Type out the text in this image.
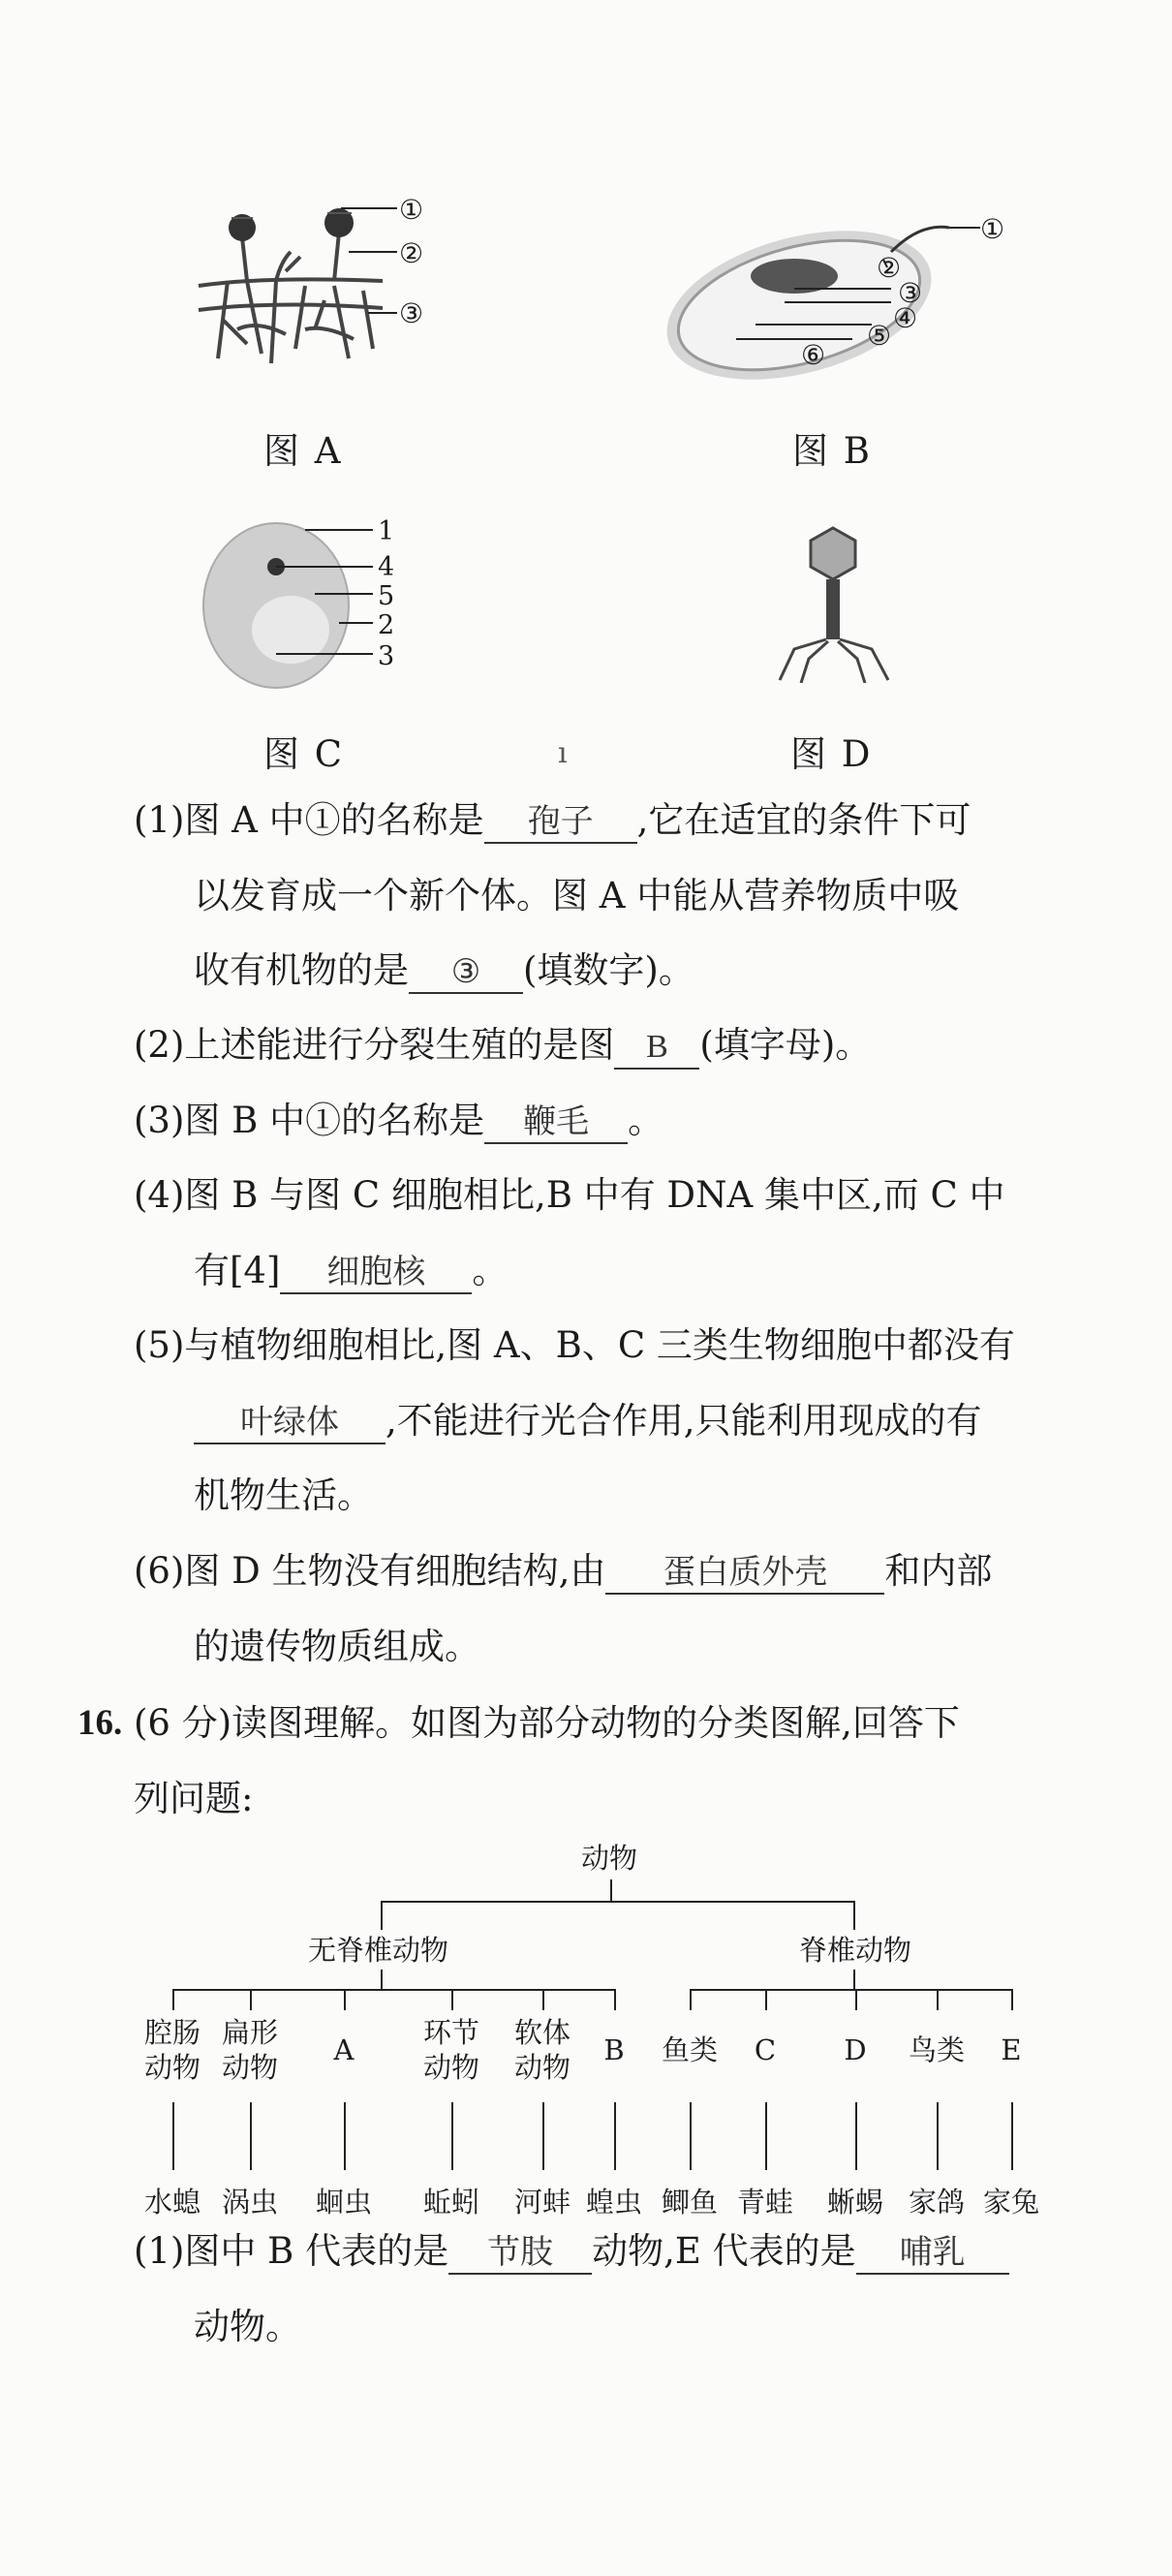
①
②
③
图 A
①
②
③
④
⑤
⑥
图 B
1
4
5
2
3
图 C	ı	图 D
(1)图 A 中①的名称是 孢子 ,它在适宜的条件下可
以发育成一个新个体。图 A 中能从营养物质中吸
收有机物的是 ③ (填数字)。
(2)上述能进行分裂生殖的是图 B (填字母)。
(3)图 B 中①的名称是 鞭毛 。
(4)图 B 与图 C 细胞相比,B 中有 DNA 集中区,而 C 中
有[4] 细胞核 。
(5)与植物细胞相比,图 A、B、C 三类生物细胞中都没有
叶绿体 ,不能进行光合作用,只能利用现成的有
机物生活。
(6)图 D 生物没有细胞结构,由 蛋白质外壳 和内部
的遗传物质组成。
16. (6 分)读图理解。如图为部分动物的分类图解,回答下
列问题:
动物
无脊椎动物	脊椎动物
腔肠
动物
水螅
扁形
动物
涡虫
A
蛔虫
环节
动物
蚯蚓
软体
动物
河蚌
B
蝗虫
鱼类
鲫鱼
C
青蛙
D
蜥蜴
鸟类
家鸽
E
家兔
(1)图中 B 代表的是 节肢 动物,E 代表的是 哺乳
动物。
